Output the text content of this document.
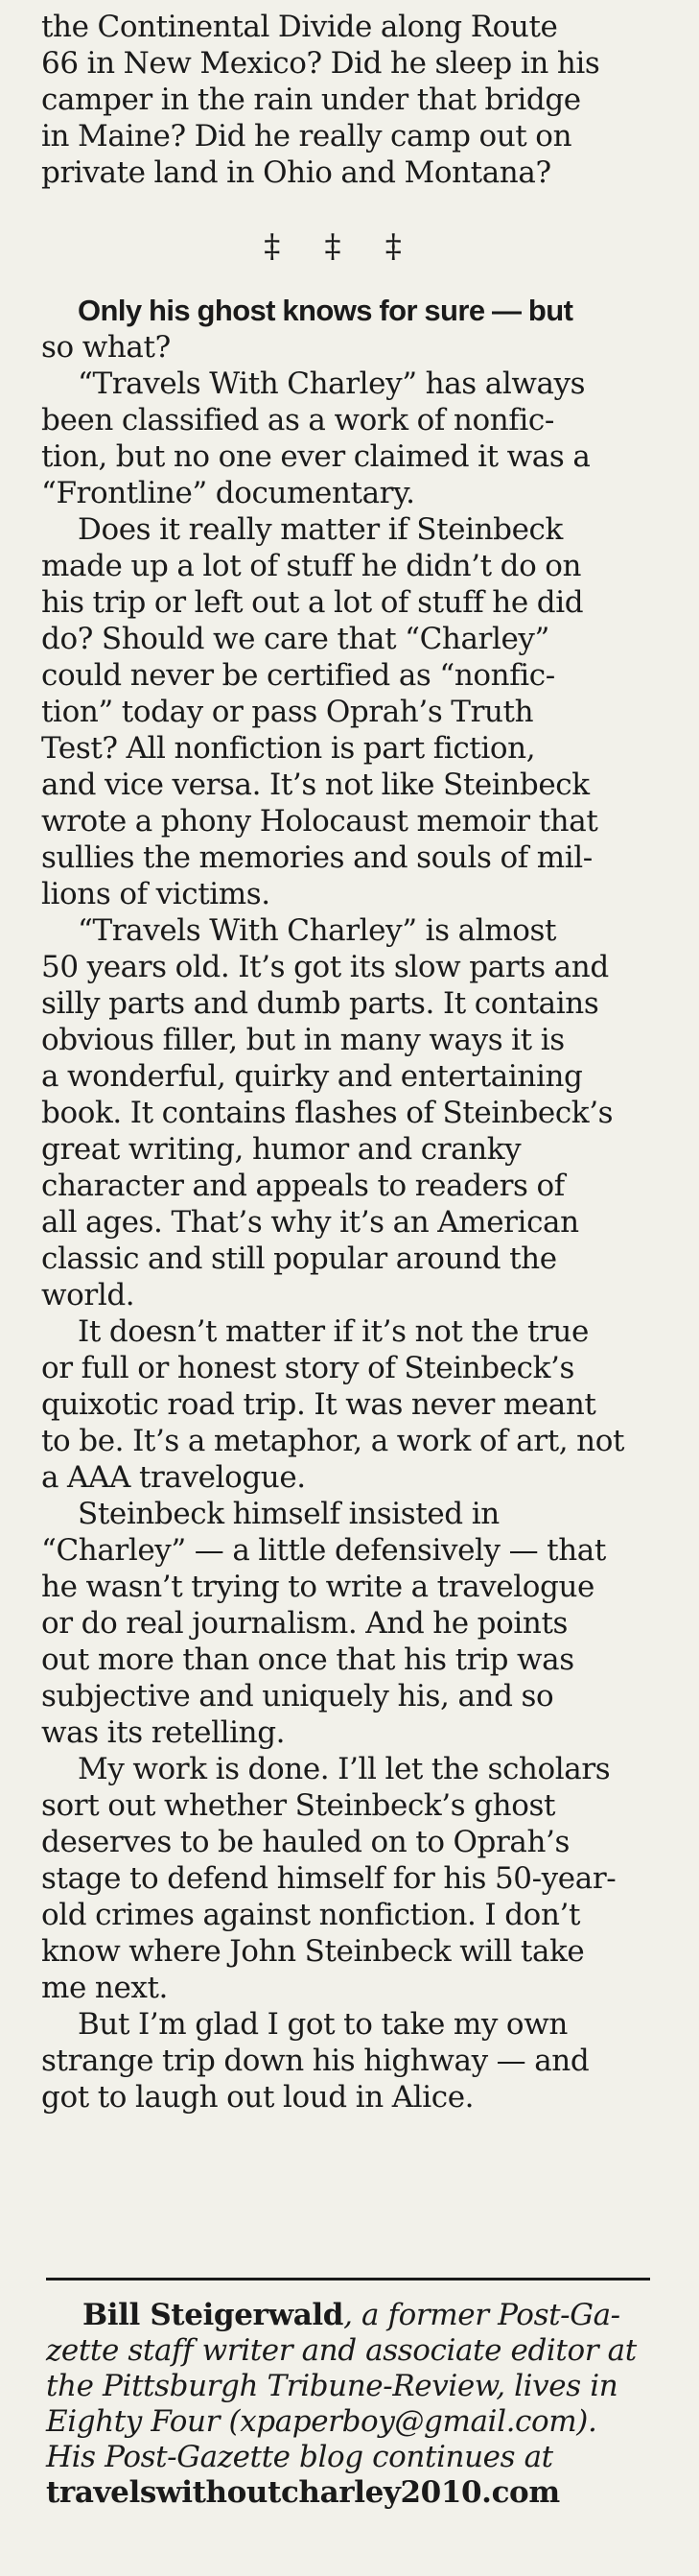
the Continental Divide along Route
66 in New Mexico? Did he sleep in his
camper in the rain under that bridge
in Maine? Did he really camp out on
private land in Ohio and Montana?
‡ ‡ ‡
Only his ghost knows for sure — but
so what?
“Travels With Charley” has always
been classified as a work of nonfic-
tion, but no one ever claimed it was a
“Frontline” documentary.
Does it really matter if Steinbeck
made up a lot of stuff he didn’t do on
his trip or left out a lot of stuff he did
do? Should we care that “Charley”
could never be certified as “nonfic-
tion” today or pass Oprah’s Truth
Test? All nonfiction is part fiction,
and vice versa. It’s not like Steinbeck
wrote a phony Holocaust memoir that
sullies the memories and souls of mil-
lions of victims.
“Travels With Charley” is almost
50 years old. It’s got its slow parts and
silly parts and dumb parts. It contains
obvious filler, but in many ways it is
a wonderful, quirky and entertaining
book. It contains flashes of Steinbeck’s
great writing, humor and cranky
character and appeals to readers of
all ages. That’s why it’s an American
classic and still popular around the
world.
It doesn’t matter if it’s not the true
or full or honest story of Steinbeck’s
quixotic road trip. It was never meant
to be. It’s a metaphor, a work of art, not
a AAA travelogue.
Steinbeck himself insisted in
“Charley” — a little defensively — that
he wasn’t trying to write a travelogue
or do real journalism. And he points
out more than once that his trip was
subjective and uniquely his, and so
was its retelling.
My work is done. I’ll let the scholars
sort out whether Steinbeck’s ghost
deserves to be hauled on to Oprah’s
stage to defend himself for his 50-year-
old crimes against nonfiction. I don’t
know where John Steinbeck will take
me next.
But I’m glad I got to take my own
strange trip down his highway — and
got to laugh out loud in Alice.
Bill Steigerwald, a former Post-Ga-
zette staff writer and associate editor at
the Pittsburgh Tribune-Review, lives in
Eighty Four (xpaperboy@gmail.com).
His Post-Gazette blog continues at
travelswithoutcharley2010.com
